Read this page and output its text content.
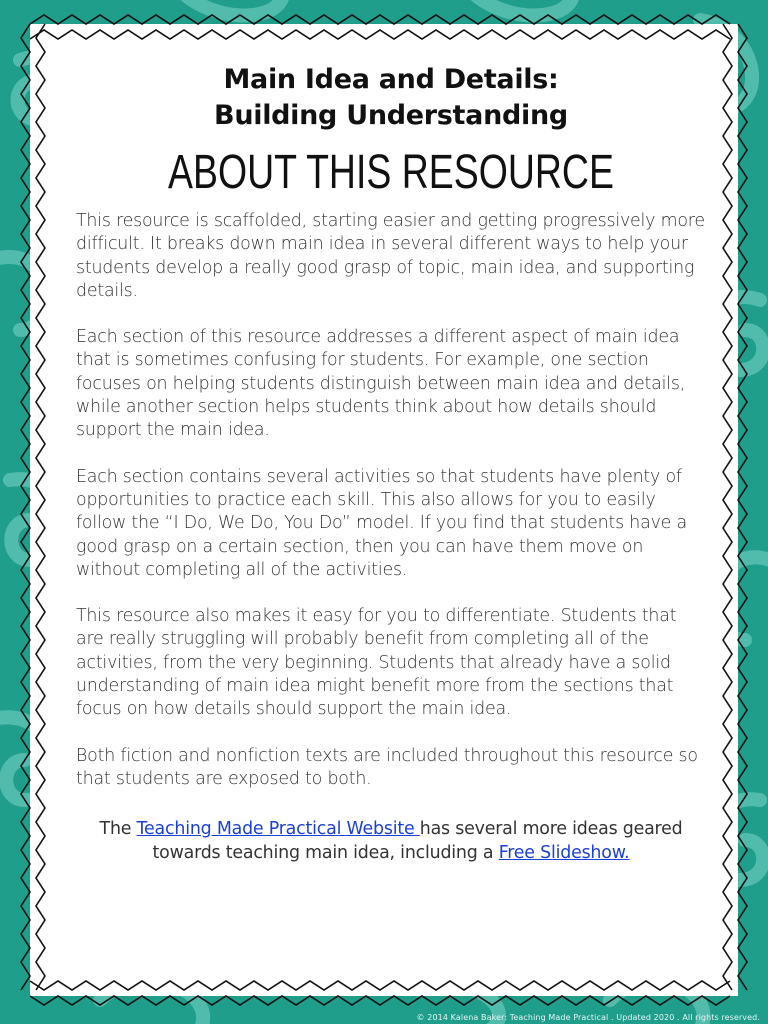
Main Idea and Details:
Building Understanding
ABOUT THIS RESOURCE

This resource is scaffolded, starting easier and getting progressively more difficult. It breaks down main idea in several different ways to help your students develop a really good grasp of topic, main idea, and supporting details.

Each section of this resource addresses a different aspect of main idea that is sometimes confusing for students. For example, one section focuses on helping students distinguish between main idea and details, while another section helps students think about how details should support the main idea.

Each section contains several activities so that students have plenty of opportunities to practice each skill. This also allows for you to easily follow the “I Do, We Do, You Do” model. If you find that students have a good grasp on a certain section, then you can have them move on without completing all of the activities.

This resource also makes it easy for you to differentiate. Students that are really struggling will probably benefit from completing all of the activities, from the very beginning. Students that already have a solid understanding of main idea might benefit more from the sections that focus on how details should support the main idea.

Both fiction and nonfiction texts are included throughout this resource so that students are exposed to both.

The Teaching Made Practical Website has several more ideas geared towards teaching main idea, including a Free Slideshow.
© 2014 Kalena Baker: Teaching Made Practical . Updated 2020 . All rights reserved.
